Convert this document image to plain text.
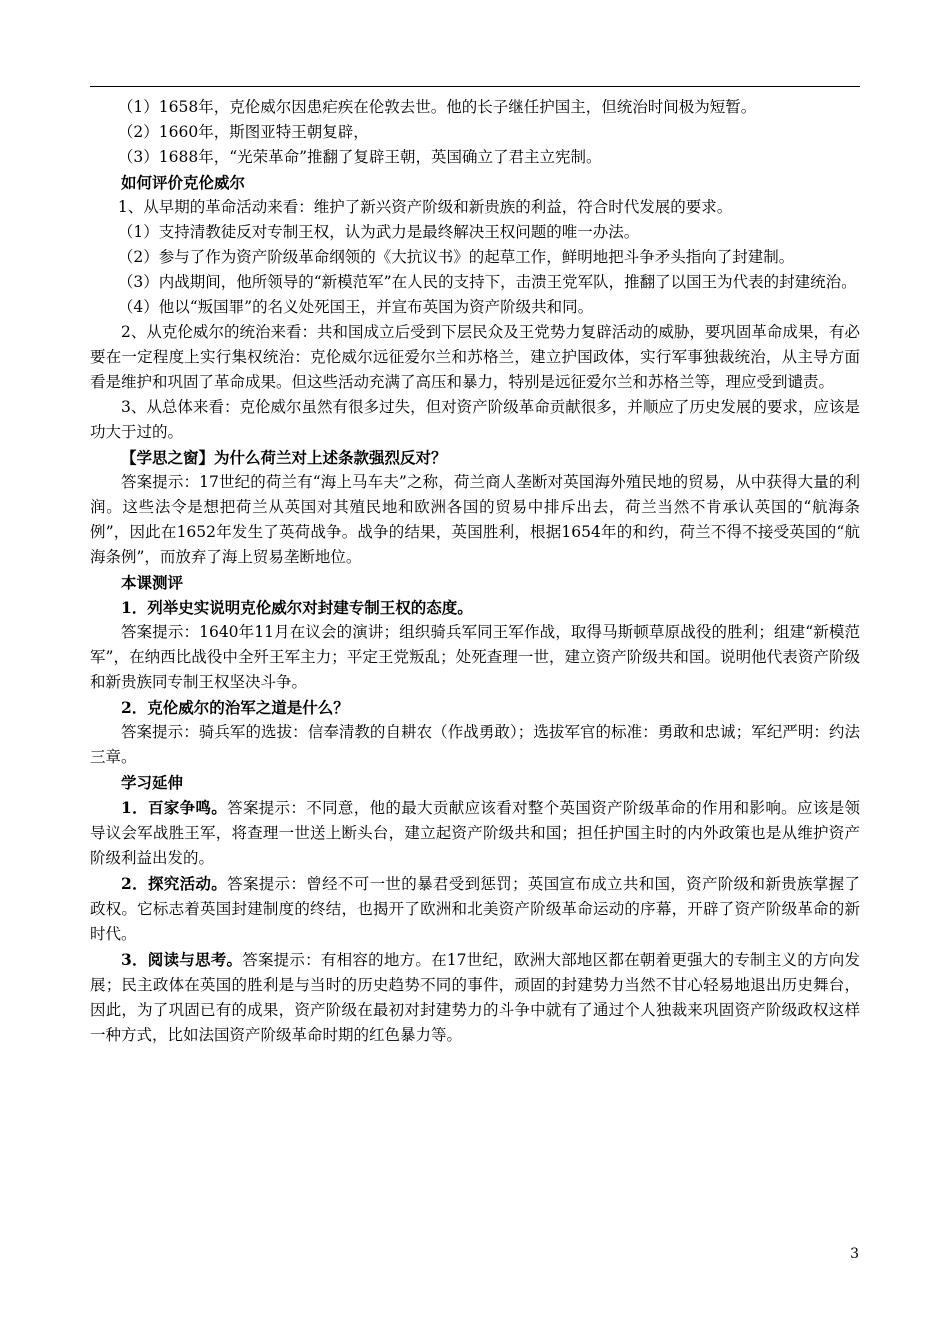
（1）1658年，克伦威尔因患疟疾在伦敦去世。他的长子继任护国主，但统治时间极为短暂。

（2）1660年，斯图亚特王朝复辟，

（3）1688年，“光荣革命”推翻了复辟王朝，英国确立了君主立宪制。

如何评价克伦威尔

1、从早期的革命活动来看：维护了新兴资产阶级和新贵族的利益，符合时代发展的要求。

（1）支持清教徒反对专制王权，认为武力是最终解决王权问题的唯一办法。

（2）参与了作为资产阶级革命纲领的《大抗议书》的起草工作，鲜明地把斗争矛头指向了封建制。

（3）内战期间，他所领导的“新模范军”在人民的支持下，击溃王党军队，推翻了以国王为代表的封建统治。

（4）他以“叛国罪”的名义处死国王，并宣布英国为资产阶级共和同。

2、从克伦威尔的统治来看：共和国成立后受到下层民众及王党势力复辟活动的威胁，要巩固革命成果，有必要在一定程度上实行集权统治：克伦威尔远征爱尔兰和苏格兰，建立护国政体，实行军事独裁统治，从主导方面看是维护和巩固了革命成果。但这些活动充满了高压和暴力，特别是远征爱尔兰和苏格兰等，理应受到谴责。

3、从总体来看：克伦威尔虽然有很多过失，但对资产阶级革命贡献很多，并顺应了历史发展的要求，应该是功大于过的。

【学思之窗】为什么荷兰对上述条款强烈反对？

答案提示：17世纪的荷兰有“海上马车夫”之称，荷兰商人垄断对英国海外殖民地的贸易，从中获得大量的利润。这些法令是想把荷兰从英国对其殖民地和欧洲各国的贸易中排斥出去，荷兰当然不肯承认英国的“航海条例”，因此在1652年发生了英荷战争。战争的结果，英国胜利，根据1654年的和约，荷兰不得不接受英国的“航海条例”，而放弃了海上贸易垄断地位。

本课测评

1．列举史实说明克伦威尔对封建专制王权的态度。

答案提示：1640年11月在议会的演讲；组织骑兵军同王军作战，取得马斯顿草原战役的胜利；组建“新模范军”，在纳西比战役中全歼王军主力；平定王党叛乱；处死查理一世，建立资产阶级共和国。说明他代表资产阶级和新贵族同专制王权坚决斗争。

2．克伦威尔的治军之道是什么？

答案提示：骑兵军的选拔：信奉清教的自耕农（作战勇敢）；选拔军官的标准：勇敢和忠诚；军纪严明：约法三章。

学习延伸

1．百家争鸣。答案提示：不同意，他的最大贡献应该看对整个英国资产阶级革命的作用和影响。应该是领导议会军战胜王军，将查理一世送上断头台，建立起资产阶级共和国；担任护国主时的内外政策也是从维护资产阶级利益出发的。

2．探究活动。答案提示：曾经不可一世的暴君受到惩罚；英国宣布成立共和国，资产阶级和新贵族掌握了政权。它标志着英国封建制度的终结，也揭开了欧洲和北美资产阶级革命运动的序幕，开辟了资产阶级革命的新时代。

3．阅读与思考。答案提示：有相容的地方。在17世纪，欧洲大部地区都在朝着更强大的专制主义的方向发展；民主政体在英国的胜利是与当时的历史趋势不同的事件，顽固的封建势力当然不甘心轻易地退出历史舞台，因此，为了巩固已有的成果，资产阶级在最初对封建势力的斗争中就有了通过个人独裁来巩固资产阶级政权这样一种方式，比如法国资产阶级革命时期的红色暴力等。

3
